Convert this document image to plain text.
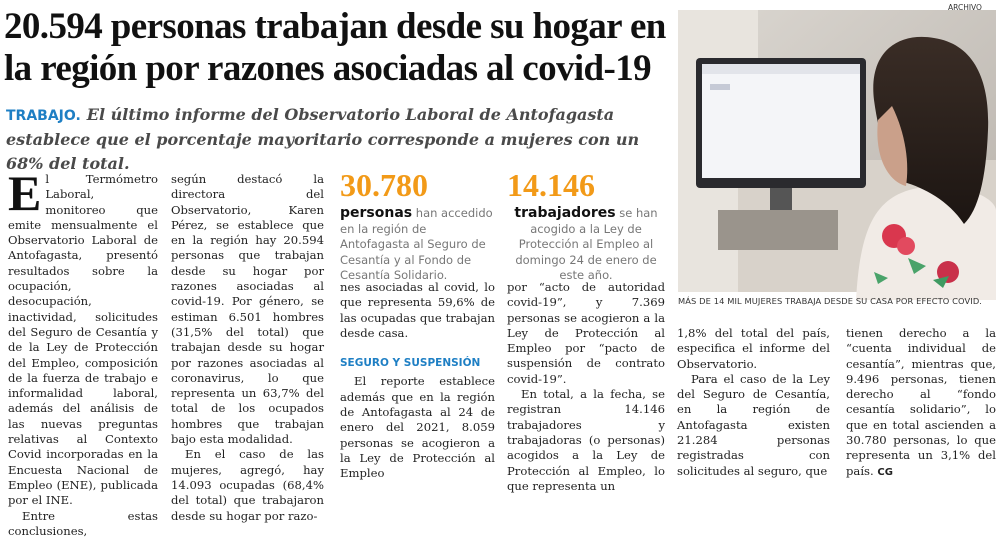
20.594 personas trabajan desde su hogar en la región por razones asociadas al covid-19
TRABAJO. El último informe del Observatorio Laboral de Antofagasta establece que el porcentaje mayoritario corresponde a mujeres con un 68% del total.

El Termómetro Laboral, monitoreo que emite mensualmente el Observatorio Laboral de Antofagasta, presentó resultados sobre la ocupación, desocupación, inactividad, solicitudes del Seguro de Cesantía y de la Ley de Protección del Empleo, composición de la fuerza de trabajo e informalidad laboral, además del análisis de las nuevas preguntas relativas al Contexto Covid incorporadas en la Encuesta Nacional de Empleo (ENE), publicada por el INE.

Entre estas conclusiones,

según destacó la directora del Observatorio, Karen Pérez, se establece que en la región hay 20.594 personas que trabajan desde su hogar por razones asociadas al covid-19. Por género, se estiman 6.501 hombres (31,5% del total) que trabajan desde su hogar por razones asociadas al coronavirus, lo que representa un 63,7% del total de los ocupados hombres que trabajan bajo esta modalidad.

En el caso de las mujeres, agregó, hay 14.093 ocupadas (68,4% del total) que trabajaron desde su hogar por razo-

30.780
personas han accedido en la región de Antofagasta al Seguro de Cesantía y al Fondo de Cesantía Solidario.
14.146
trabajadores se han acogido a la Ley de Protección al Empleo al domingo 24 de enero de este año.

nes asociadas al covid, lo que representa 59,6% de las ocupadas que trabajan desde casa.

SEGURO Y SUSPENSIÓN

El reporte establece además que en la región de Antofagasta al 24 de enero del 2021, 8.059 personas se acogieron a la Ley de Protección al Empleo

por “acto de autoridad covid-19”, y 7.369 personas se acogieron a la Ley de Protección al Empleo por “pacto de suspensión de contrato covid-19”.

En total, a la fecha, se registran 14.146 trabajadores y trabajadoras (o personas) acogidos a la Ley de Protección al Empleo, lo que representa un

ARCHIVO
MÁS DE 14 MIL MUJERES TRABAJA DESDE SU CASA POR EFECTO COVID.

1,8% del total del país, especifica el informe del Observatorio.

Para el caso de la Ley del Seguro de Cesantía, en la región de Antofagasta existen 21.284 personas registradas con solicitudes al seguro, que

tienen derecho a la “cuenta individual de cesantía”, mientras que, 9.496 personas, tienen derecho al “fondo cesantía solidario”, lo que en total ascienden a 30.780 personas, lo que representa un 3,1% del país. CG
